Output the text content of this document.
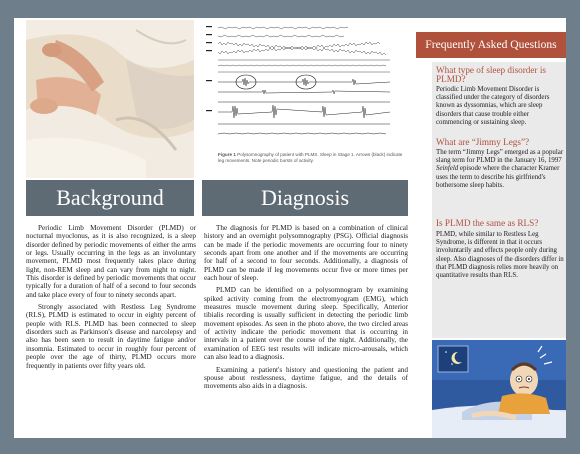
Background

Periodic Limb Movement Disorder (PLMD) or nocturnal myoclonus, as it is also recognized, is a sleep disorder defined by periodic movements of either the arms or legs. Usually occurring in the legs as an involuntary movement, PLMD most frequently takes place during light, non-REM sleep and can vary from night to night. This disorder is defined by periodic movements that occur typically for a duration of half of a second to four seconds and take place every of four to ninety seconds apart.

Strongly associated with Restless Leg Syndrome (RLS), PLMD is estimated to occur in eighty percent of people with RLS. PLMD has been connected to sleep disorders such as Parkinson's disease and narcolepsy and also has been seen to result in daytime fatigue and/or insomnia. Estimated to occur in roughly four percent of people over the age of thirty, PLMD occurs more frequently in patients over fifty years old.

Figure 1 Polysomnography of patient with PLMS. Sleep in Stage 1. Arrows (black) indicate leg movements. Note periodic bursts of activity.
Diagnosis

The diagnosis for PLMD is based on a combination of clinical history and an overnight polysomnography (PSG). Official diagnosis can be made if the periodic movements are occurring four to ninety seconds apart from one another and if the movements are occurring for half of a second to four seconds. Additionally, a diagnosis of PLMD can be made if leg movements occur five or more times per each hour of sleep.

PLMD can be identified on a polysomnogram by examining spiked activity coming from the electromyogram (EMG), which measures muscle movement during sleep. Specifically, Anterior tibialis recording is usually sufficient in detecting the periodic limb movement episodes. As seen in the photo above, the two circled areas of activity indicate the periodic movement that is occurring in intervals in a patient over the course of the night. Additionally, the examination of EEG test results will indicate micro-arousals, which can also lead to a diagnosis.

Examining a patient's history and questioning the patient and spouse about restlessness, daytime fatigue, and the details of movements also aids in a diagnosis.

Frequently Asked Questions
What type of sleep disorder is PLMD?
Periodic Limb Movement Disorder is classified under the category of disorders known as dyssomnias, which are sleep disorders that cause trouble either commencing or sustaining sleep.
What are “Jimmy Legs”?
The term “Jimmy Legs” emerged as a popular slang term for PLMD in the January 16, 1997 Seinfeld episode where the character Kramer uses the term to describe his girlfriend's bothersome sleep habits.
Is PLMD the same as RLS?
PLMD, while similar to Restless Leg Syndrome, is different in that it occurs involuntarily and effects people only during sleep. Also diagnoses of the disorders differ in that PLMD diagnosis relies more heavily on quantitative results than RLS.
